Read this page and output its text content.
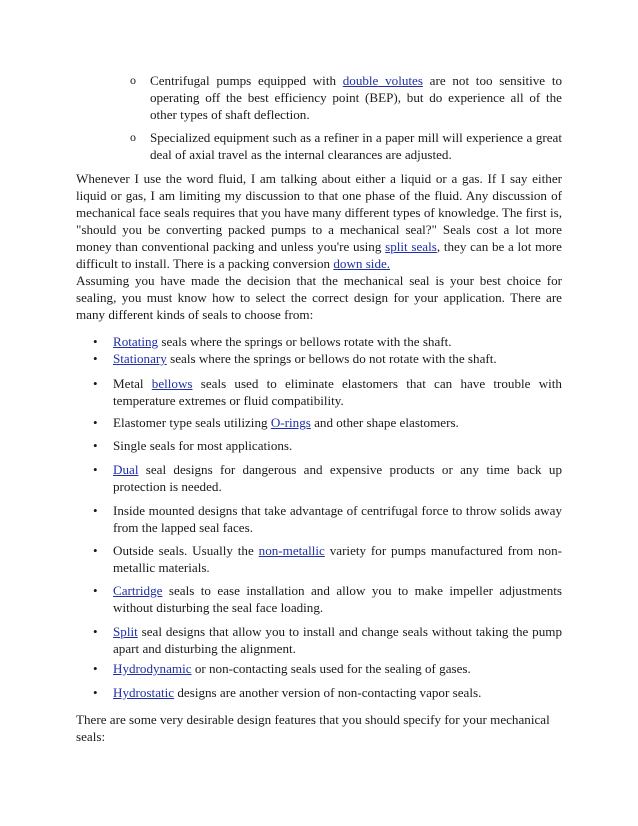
o Centrifugal pumps equipped with double volutes are not too sensitive to operating off the best efficiency point (BEP), but do experience all of the other types of shaft deflection.
o Specialized equipment such as a refiner in a paper mill will experience a great deal of axial travel as the internal clearances are adjusted.
Whenever I use the word fluid, I am talking about either a liquid or a gas. If I say either liquid or gas, I am limiting my discussion to that one phase of the fluid. Any discussion of mechanical face seals requires that you have many different types of knowledge. The first is, "should you be converting packed pumps to a mechanical seal?" Seals cost a lot more money than conventional packing and unless you're using split seals, they can be a lot more difficult to install. There is a packing conversion down side.
Assuming you have made the decision that the mechanical seal is your best choice for sealing, you must know how to select the correct design for your application. There are many different kinds of seals to choose from:
• Rotating seals where the springs or bellows rotate with the shaft.
• Stationary seals where the springs or bellows do not rotate with the shaft.
• Metal bellows seals used to eliminate elastomers that can have trouble with temperature extremes or fluid compatibility.
• Elastomer type seals utilizing O-rings and other shape elastomers.
• Single seals for most applications.
• Dual seal designs for dangerous and expensive products or any time back up protection is needed.
• Inside mounted designs that take advantage of centrifugal force to throw solids away from the lapped seal faces.
• Outside seals. Usually the non-metallic variety for pumps manufactured from non-metallic materials.
• Cartridge seals to ease installation and allow you to make impeller adjustments without disturbing the seal face loading.
• Split seal designs that allow you to install and change seals without taking the pump apart and disturbing the alignment.
• Hydrodynamic or non-contacting seals used for the sealing of gases.
• Hydrostatic designs are another version of non-contacting vapor seals.
There are some very desirable design features that you should specify for your mechanical seals:
